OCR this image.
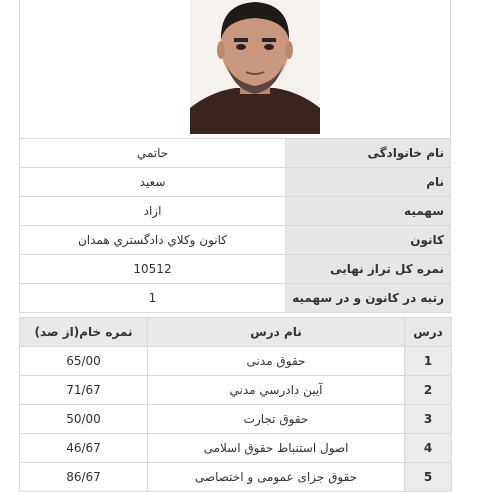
حاتمي	نام خانوادگی
سعيد	نام
ازاد	سهمیه
كانون وكلاي دادگستري همدان	کانون
10512	نمره کل تراز نهایی
1	رتبه در کانون و در سهمیه
نمره خام(از صد)	نام درس	درس
65/00	حقوق مدنی	1
71/67	آيين دادرسي مدني	2
50/00	حقوق تجارت	3
46/67	اصول استنباط حقوق اسلامی	4
86/67	حقوق جزای عمومی و اختصاصی	5
